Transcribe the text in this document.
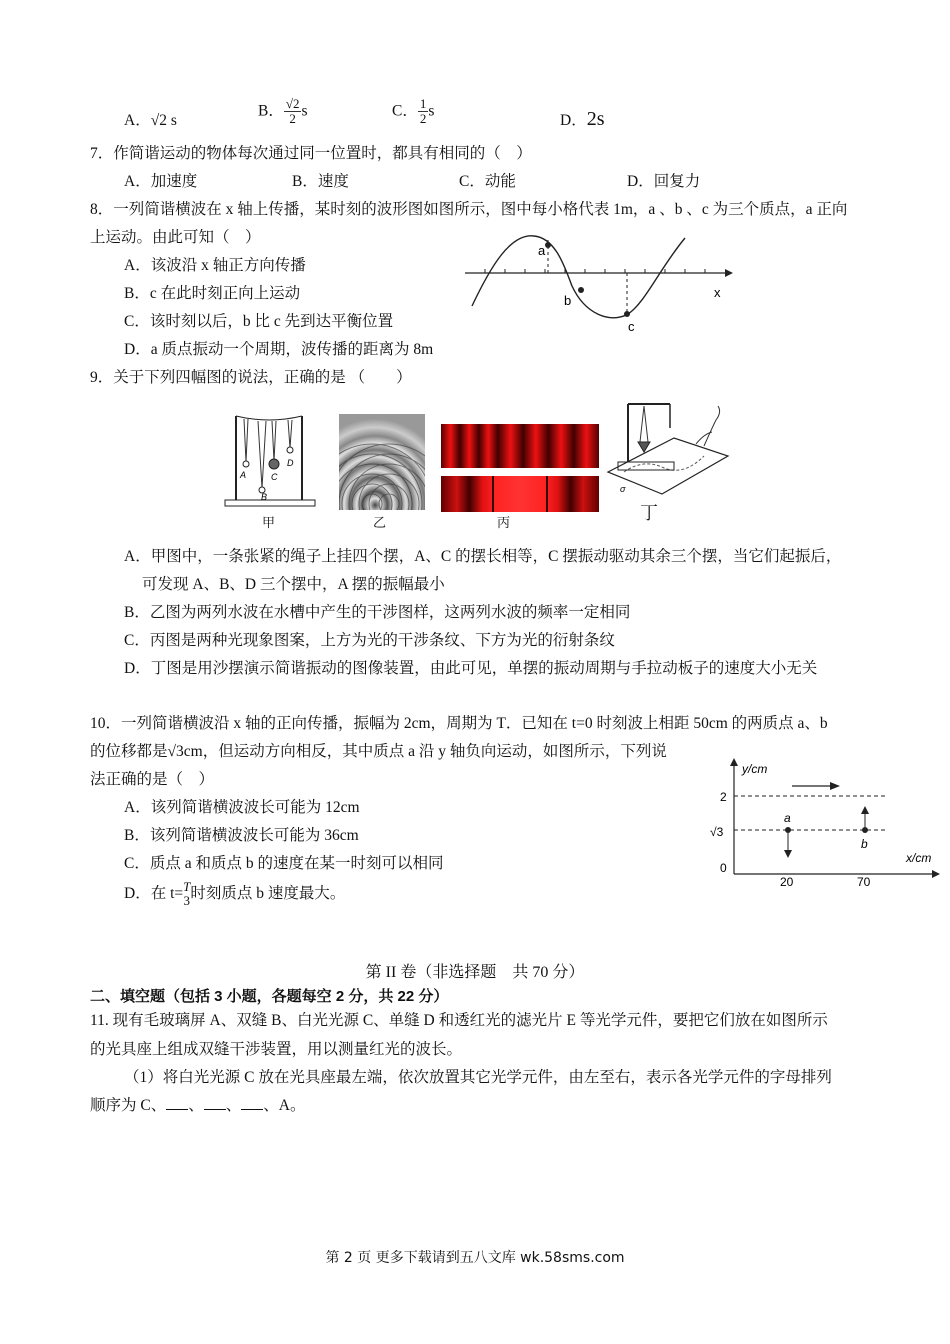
A．√2 s
B． $\frac{√2}{2}$ s	C． $\frac{1}{2}$ s
D．2s
7．作简谐运动的物体每次通过同一位置时，都具有相同的（　）
A．加速度	B．速度	C．动能	D．回复力
8．一列简谐横波在 x 轴上传播，某时刻的波形图如图所示，图中每小格代表 1m，a 、b 、c 为三个质点，a 正向
上运动。由此可知（　）
A．该波沿 x 轴正方向传播
B．c 在此时刻正向上运动
C．该时刻以后，b 比 c 先到达平衡位置
D．a 质点振动一个周期，波传播的距离为 8m
a
b
c
x
9．关于下列四幅图的说法，正确的是 （　　）
A
B
C
D
σ
甲	乙	丙	丁
A．甲图中，一条张紧的绳子上挂四个摆，A、C 的摆长相等，C 摆振动驱动其余三个摆，当它们起振后，
可发现 A、B、D 三个摆中，A 摆的振幅最小
B．乙图为两列水波在水槽中产生的干涉图样，这两列水波的频率一定相同
C．丙图是两种光现象图案，上方为光的干涉条纹、下方为光的衍射条纹
D．丁图是用沙摆演示简谐振动的图像装置，由此可见，单摆的振动周期与手拉动板子的速度大小无关
10．一列简谐横波沿 x 轴的正向传播，振幅为 2cm，周期为 T．已知在 t=0 时刻波上相距 50cm 的两质点 a、b
的位移都是√3cm，但运动方向相反，其中质点 a 沿 y 轴负向运动，如图所示，下列说
法正确的是（　）
A．该列简谐横波波长可能为 12cm
B．该列简谐横波波长可能为 36cm
C．质点 a 和质点 b 的速度在某一时刻可以相同
D．在 t= T
3 时刻质点 b 速度最大。
y/cm
x/cm
2
√3
0
20	70
a
b
第 II 卷（非选择题　共 70 分）
二、填空题（包括 3 小题，各题每空 2 分，共 22 分）
11. 现有毛玻璃屏 A、双缝 B、白光光源 C、单缝 D 和透红光的滤光片 E 等光学元件，要把它们放在如图所示
的光具座上组成双缝干涉装置，用以测量红光的波长。
（1）将白光光源 C 放在光具座最左端，依次放置其它光学元件，由左至右，表示各光学元件的字母排列
顺序为 C、 、 、 、A。
第 2 页 更多下载请到五八文库 wk.58sms.com
